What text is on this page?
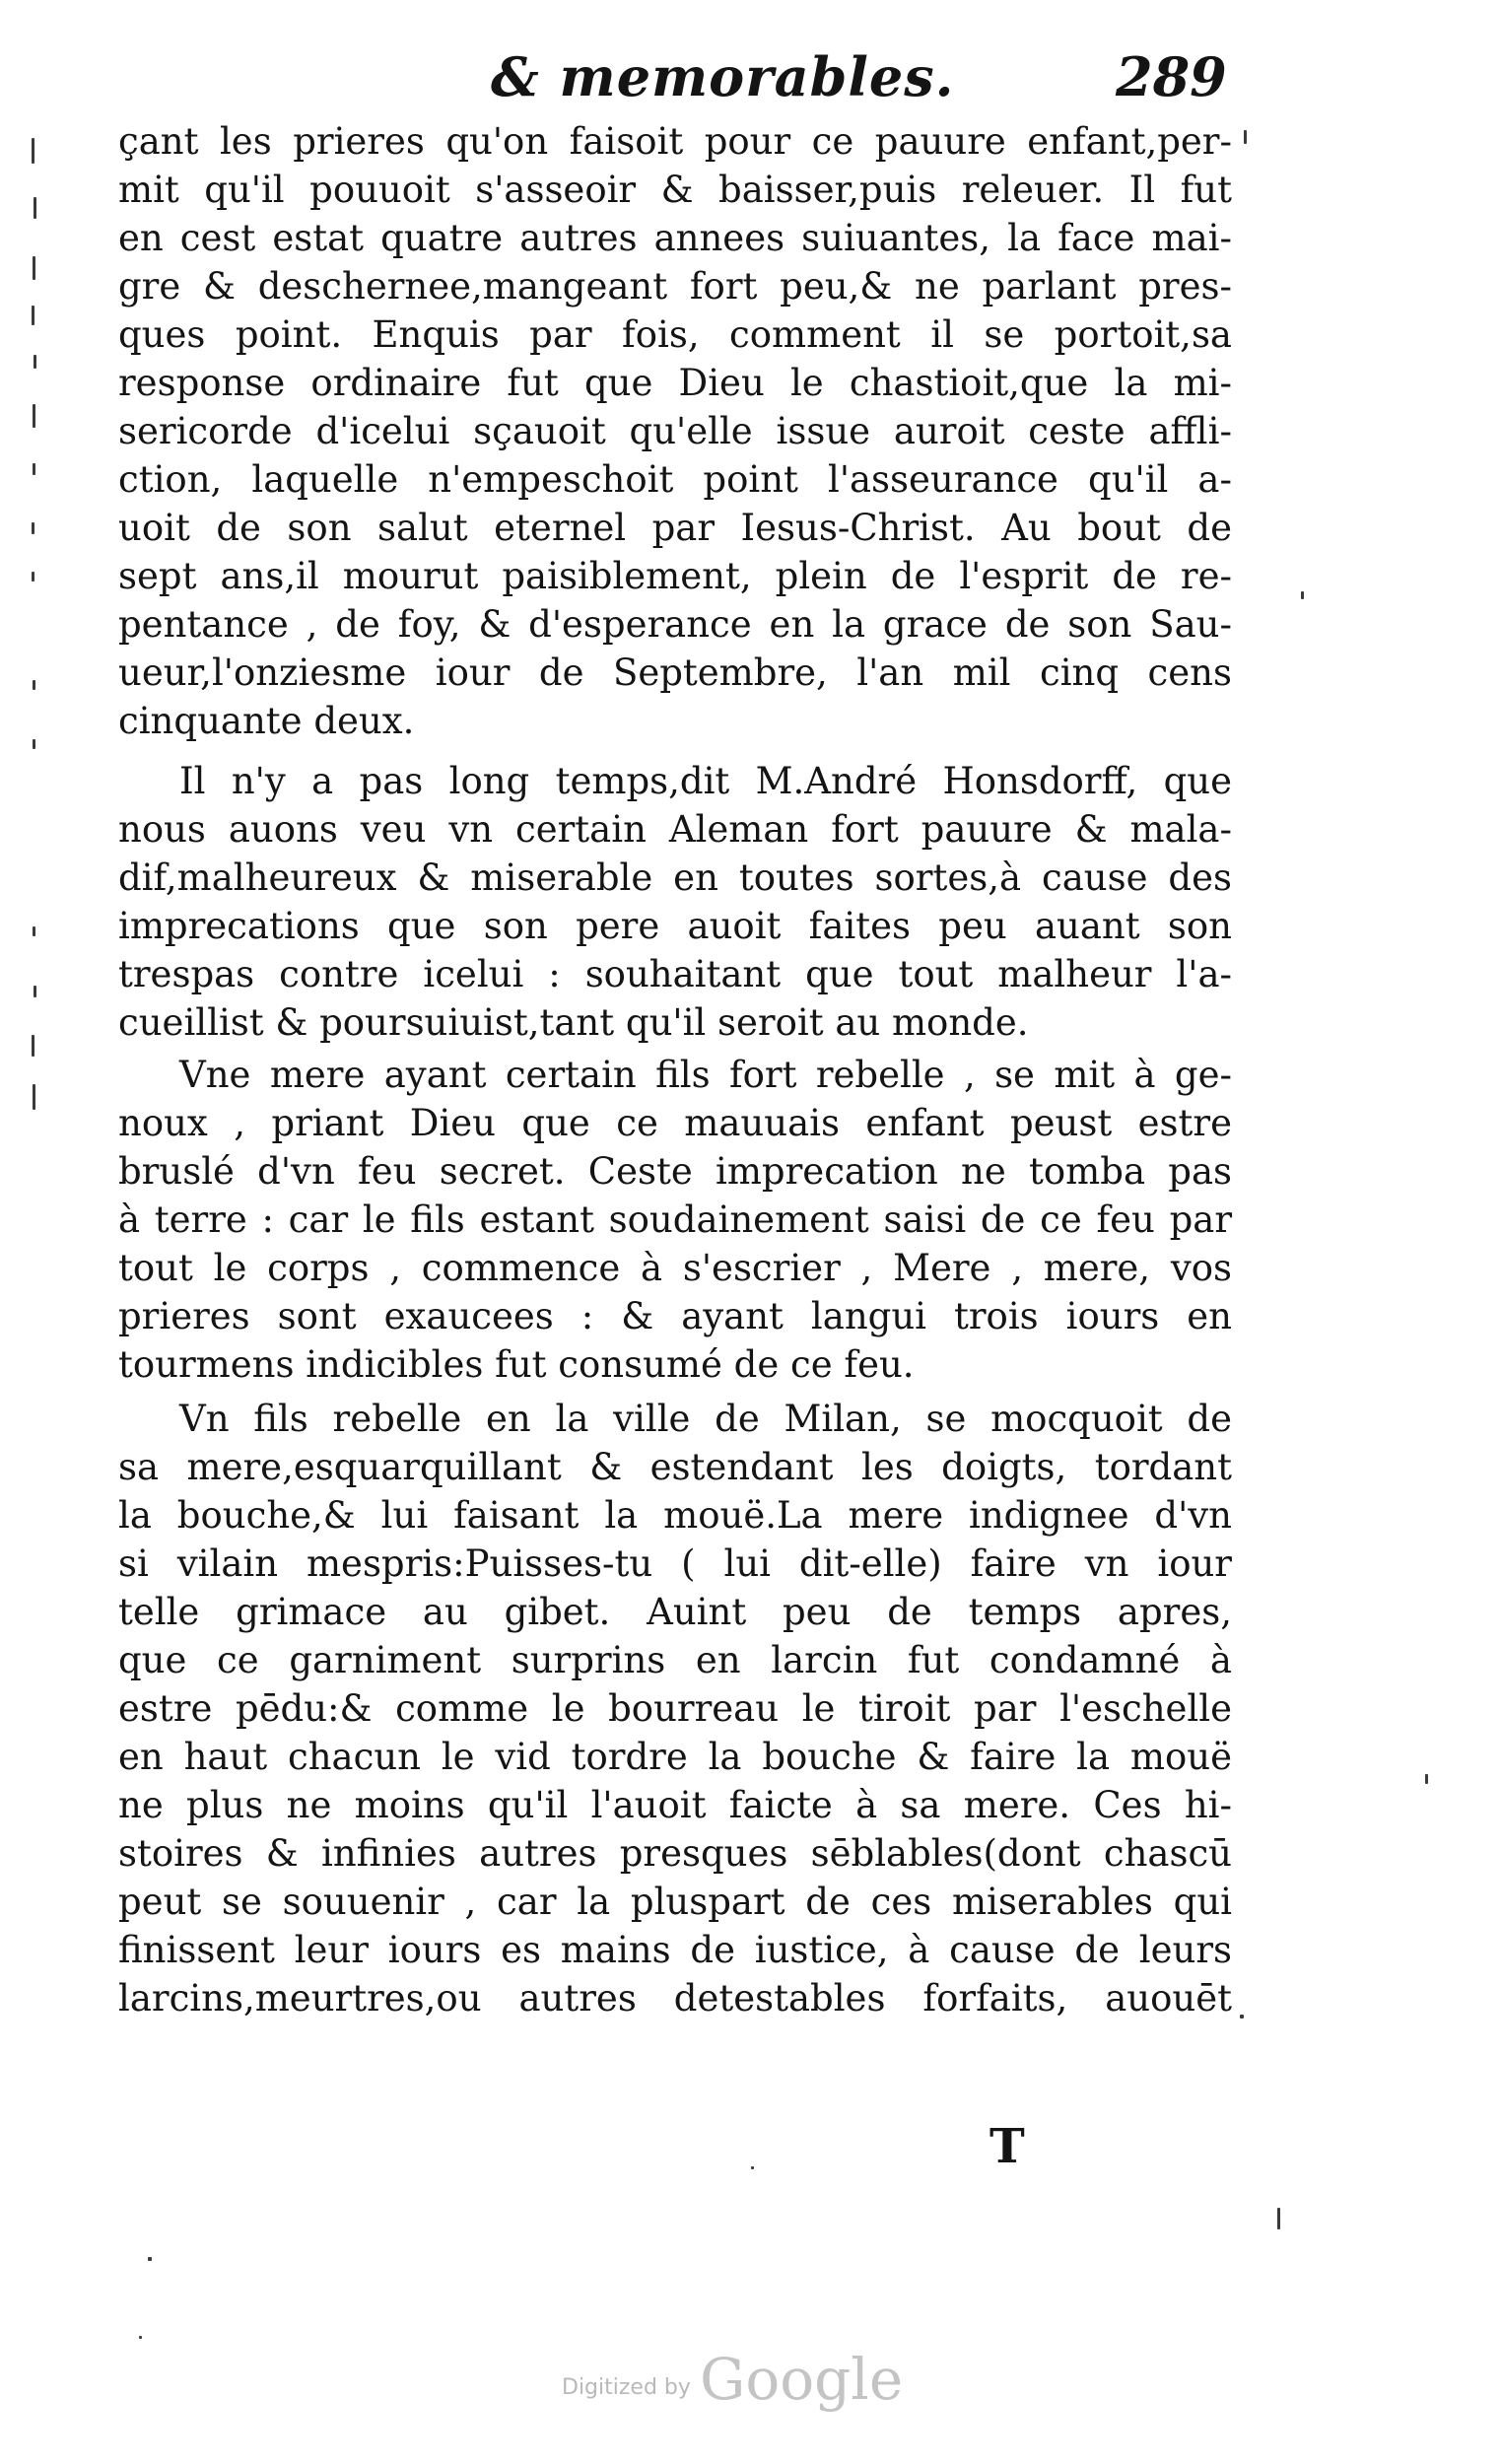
& memorables.	289
çant les prieres qu'on faisoit pour ce pauure enfant,per-
mit qu'il pouuoit s'asseoir & baisser,puis releuer. Il fut
en cest estat quatre autres annees suiuantes, la face mai-
gre & deschernee,mangeant fort peu,& ne parlant pres-
ques point. Enquis par fois, comment il se portoit,sa
response ordinaire fut que Dieu le chastioit,que la mi-
sericorde d'icelui sçauoit qu'elle issue auroit ceste affli-
ction, laquelle n'empeschoit point l'asseurance qu'il a-
uoit de son salut eternel par Iesus-Christ. Au bout de
sept ans,il mourut paisiblement, plein de l'esprit de re-
pentance , de foy, & d'esperance en la grace de son Sau-
ueur,l'onziesme iour de Septembre, l'an mil cinq cens
cinquante deux.
Il n'y a pas long temps,dit M.André Honsdorff, que
nous auons veu vn certain Aleman fort pauure & mala-
dif,malheureux & miserable en toutes sortes,à cause des
imprecations que son pere auoit faites peu auant son
trespas contre icelui : souhaitant que tout malheur l'a-
cueillist & poursuiuist,tant qu'il seroit au monde.
Vne mere ayant certain fils fort rebelle , se mit à ge-
noux , priant Dieu que ce mauuais enfant peust estre
bruslé d'vn feu secret. Ceste imprecation ne tomba pas
à terre : car le fils estant soudainement saisi de ce feu par
tout le corps , commence à s'escrier , Mere , mere, vos
prieres sont exaucees : & ayant langui trois iours en
tourmens indicibles fut consumé de ce feu.
Vn fils rebelle en la ville de Milan, se mocquoit de
sa mere,esquarquillant & estendant les doigts, tordant
la bouche,& lui faisant la mouë.La mere indignee d'vn
si vilain mespris:Puisses-tu ( lui dit-elle) faire vn iour
telle grimace au gibet. Auint peu de temps apres,
que ce garniment surprins en larcin fut condamné à
estre pēdu:& comme le bourreau le tiroit par l'eschelle
en haut chacun le vid tordre la bouche & faire la mouë
ne plus ne moins qu'il l'auoit faicte à sa mere. Ces hi-
stoires & infinies autres presques sēblables(dont chascū
peut se souuenir , car la pluspart de ces miserables qui
finissent leur iours es mains de iustice, à cause de leurs
larcins,meurtres,ou autres detestables forfaits, auouēt
T
Digitized by Google
